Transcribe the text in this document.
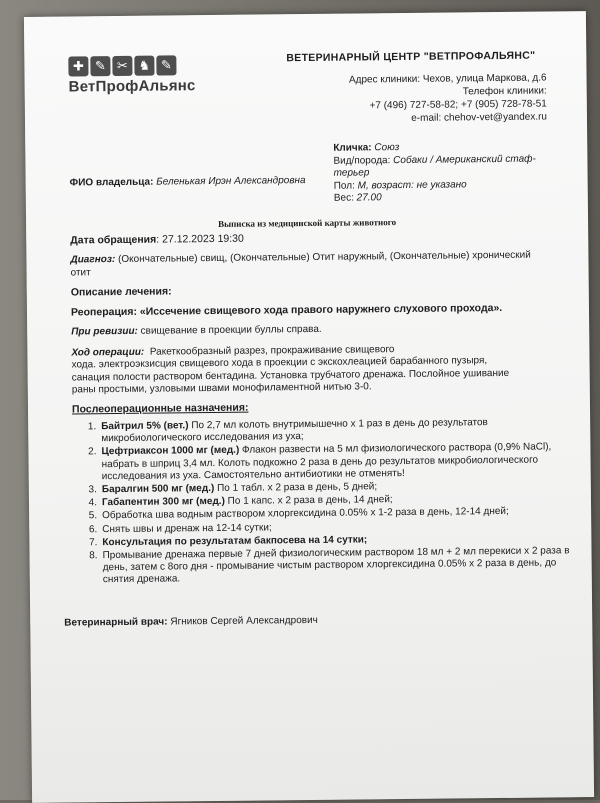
✚ ✎ ✂ ♞ ✎
ВетПрофАльянс
ВЕТЕРИНАРНЫЙ ЦЕНТР "ВЕТПРОФАЛЬЯНС"
Адрес клиники: Чехов, улица Маркова, д.6
Телефон клиники:
+7 (496) 727-58-82; +7 (905) 728-78-51
e-mail: chehov-vet@yandex.ru
Кличка: Союз
Вид/порода: Собаки / Американский стаф-
терьер
Пол: М, возраст: не указано
Вес: 27.00
ФИО владельца: Беленькая Ирэн Александровна
Выписка из медицинской карты животного
Дата обращения: 27.12.2023 19:30
Диагноз: (Окончательные) свищ, (Окончательные) Отит наружный, (Окончательные) хронический отит
Описание лечения:
Реоперация: «Иссечение свищевого хода правого наружнего слухового прохода».
При ревизии: свищевание в проекции буллы справа.
Ход операции: Ракеткообразный разрез, прокраживание свищевого
хода. электроэкзисция свищевого хода в проекции с экскохлеацией барабанного пузыря,
санация полости раствором бентадина. Установка трубчатого дренажа. Послойное ушивание
раны простыми, узловыми швами монофиламентной нитью 3-0.
Послеоперационные назначения:
1. Байтрил 5% (вет.) По 2,7 мл колоть внутримышечно х 1 раз в день до результатов микробиологического исследования из уха;
2. Цефтриаксон 1000 мг (мед.) Флакон развести на 5 мл физиологического раствора (0,9% NaCl), набрать в шприц 3,4 мл. Колоть подкожно 2 раза в день до результатов микробиологического исследования из уха. Самостоятельно антибиотики не отменять!
3. Баралгин 500 мг (мед.) По 1 табл. х 2 раза в день, 5 дней;
4. Габапентин 300 мг (мед.) По 1 капс. х 2 раза в день, 14 дней;
5. Обработка шва водным раствором хлоргексидина 0.05% х 1-2 раза в день, 12-14 дней;
6. Снять швы и дренаж на 12-14 сутки;
7. Консультация по результатам бакпосева на 14 сутки;
8. Промывание дренажа первые 7 дней физиологическим раствором 18 мл + 2 мл перекиси х 2 раза в день, затем с 8ого дня - промывание чистым раствором хлоргексидина 0.05% х 2 раза в день, до снятия дренажа.
Ветеринарный врач: Ягников Сергей Александрович
